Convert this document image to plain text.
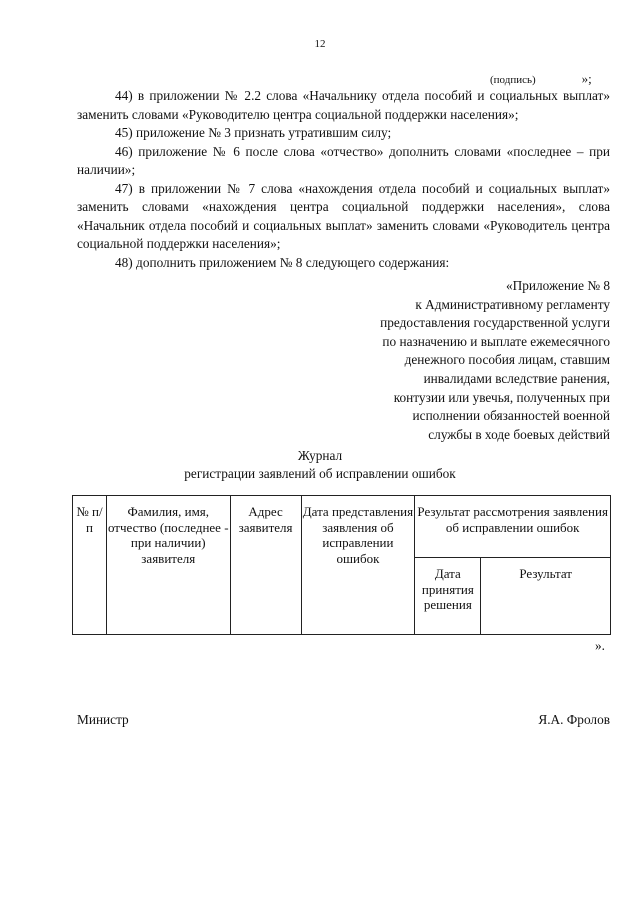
12
(подпись)	»;

44) в приложении № 2.2 слова «Начальнику отдела пособий и социальных выплат» заменить словами «Руководителю центра социальной поддержки населения»;

45) приложение № 3 признать утратившим силу;

46) приложение № 6 после слова «отчество» дополнить словами «последнее – при наличии»;

47) в приложении № 7 слова «нахождения отдела пособий и социальных выплат» заменить словами «нахождения центра социальной поддержки населения», слова «Начальник отдела пособий и социальных выплат» заменить словами «Руководитель центра социальной поддержки населения»;

48) дополнить приложением № 8 следующего содержания:

«Приложение № 8
к Административному регламенту
предоставления государственной услуги
по назначению и выплате ежемесячного
денежного пособия лицам, ставшим
инвалидами вследствие ранения,
контузии или увечья, полученных при
исполнении обязанностей военной
службы в ходе боевых действий
Журнал
регистрации заявлений об исправлении ошибок
№ п/п	Фамилия, имя, отчество (последнее - при наличии) заявителя	Адрес заявителя	Дата представления заявления об исправлении ошибок	Результат рассмотрения заявления об исправлении ошибок	
				Дата принятия решения	Результат
».
Министр	Я.А. Фролов
